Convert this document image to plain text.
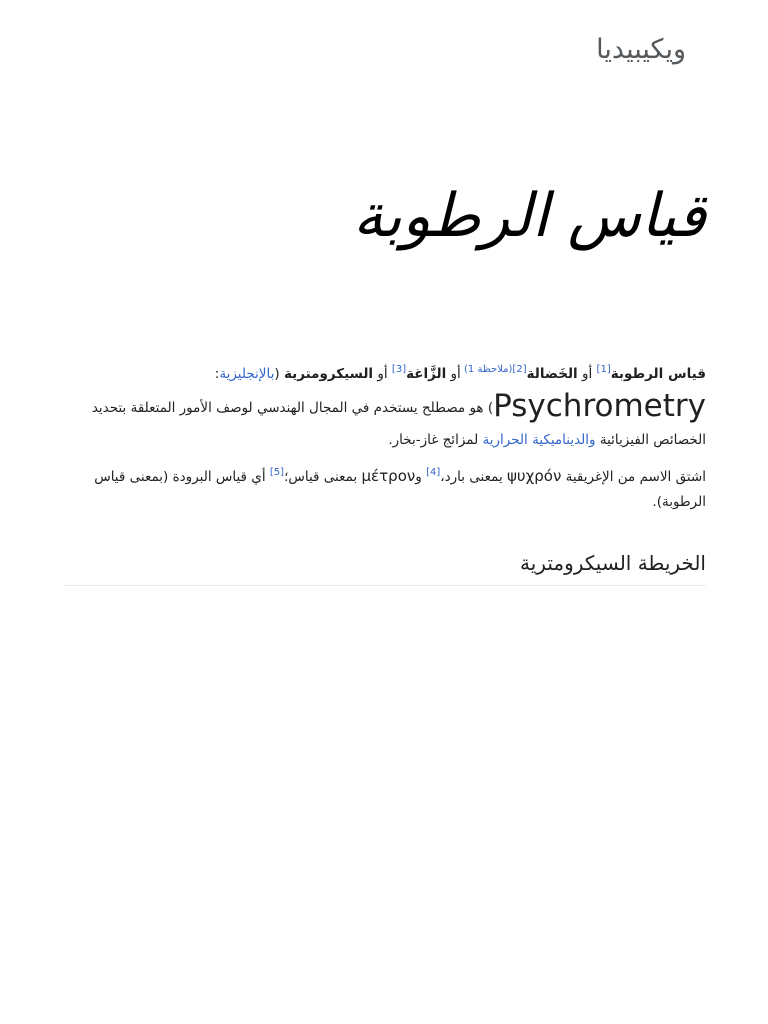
ويكيبيديا
قياس الرطوبة

قياس الرطوبة[1] أو الخَضالة$^{[2](ملاحظة 1)}$ أو الزَّاغة[3] أو السيكرومترية (بالإنجليزية: Psychrometry) هو مصطلح يستخدم في المجال الهندسي لوصف الأمور المتعلقة بتحديد الخصائص الفيزيائية والديناميكية الحرارية لمزائج غاز-بخار.

اشتق الاسم من الإغريقية ψυχρόν يمعنى بارد،[4] وμέτρον بمعنى قياس؛[5] أي قياس البرودة (بمعنى قياس الرطوبة).

الخريطة السيكرومترية
